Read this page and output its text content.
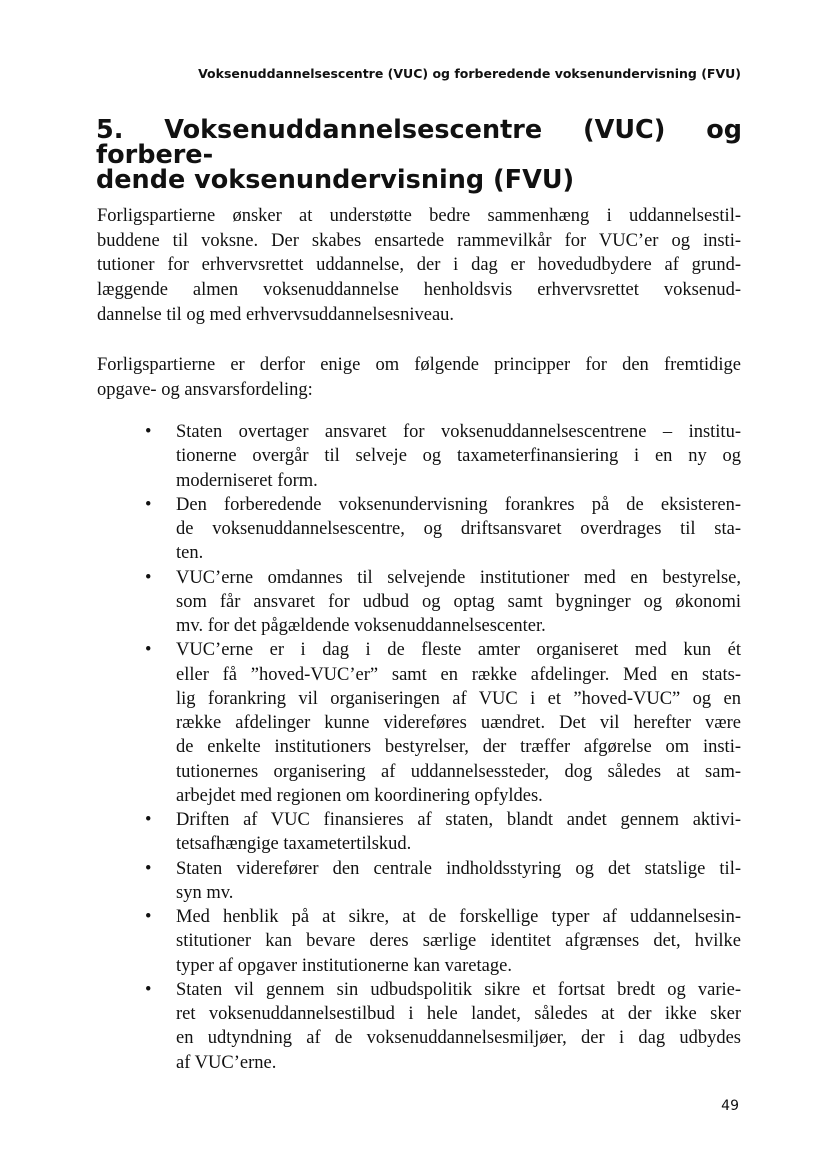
Voksenuddannelsescentre (VUC) og forberedende voksenundervisning (FVU)
5. Voksenuddannelsescentre (VUC) og forbere-
dende voksenundervisning (FVU)
Forligspartierne ønsker at understøtte bedre sammenhæng i uddannelsestil-
buddene til voksne. Der skabes ensartede rammevilkår for VUC’er og insti-
tutioner for erhvervsrettet uddannelse, der i dag er hovedudbydere af grund-
læggende almen voksenuddannelse henholdsvis erhvervsrettet voksenud-
dannelse til og med erhvervsuddannelsesniveau.
Forligspartierne er derfor enige om følgende principper for den fremtidige
opgave- og ansvarsfordeling:
• Staten overtager ansvaret for voksenuddannelsescentrene – institu-
tionerne overgår til selveje og taxameterfinansiering i en ny og
moderniseret form.
• Den forberedende voksenundervisning forankres på de eksisteren-
de voksenuddannelsescentre, og driftsansvaret overdrages til sta-
ten.
• VUC’erne omdannes til selvejende institutioner med en bestyrelse,
som får ansvaret for udbud og optag samt bygninger og økonomi
mv. for det pågældende voksenuddannelsescenter.
• VUC’erne er i dag i de fleste amter organiseret med kun ét
eller få ”hoved-VUC’er” samt en række afdelinger. Med en stats-
lig forankring vil organiseringen af VUC i et ”hoved-VUC” og en
række afdelinger kunne videreføres uændret. Det vil herefter være
de enkelte institutioners bestyrelser, der træffer afgørelse om insti-
tutionernes organisering af uddannelsessteder, dog således at sam-
arbejdet med regionen om koordinering opfyldes.
• Driften af VUC finansieres af staten, blandt andet gennem aktivi-
tetsafhængige taxametertilskud.
• Staten viderefører den centrale indholdsstyring og det statslige til-
syn mv.
• Med henblik på at sikre, at de forskellige typer af uddannelsesin-
stitutioner kan bevare deres særlige identitet afgrænses det, hvilke
typer af opgaver institutionerne kan varetage.
• Staten vil gennem sin udbudspolitik sikre et fortsat bredt og varie-
ret voksenuddannelsestilbud i hele landet, således at der ikke sker
en udtyndning af de voksenuddannelsesmiljøer, der i dag udbydes
af VUC’erne.
49
